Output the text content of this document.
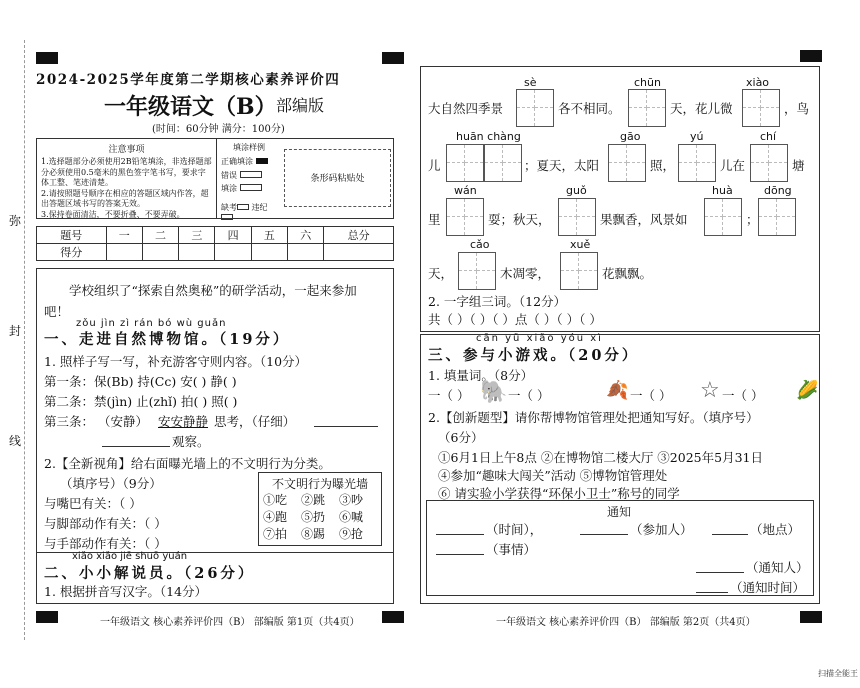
弥
封
线
2024-2025学年度第二学期核心素养评价四
一年级语文（B） 部编版
(时间：60分钟 满分：100分)
注意事项
1.选择题部分必须使用2B铅笔填涂，非选择题部分必须使用0.5毫米的黑色签字笔书写，要求字体工整、笔迹清楚。
2.请按照题号顺序在相应的答题区域内作答，超出答题区域书写的答案无效。
3.保持卷面清洁，不要折叠、不要弄破。
填涂样例
正确填涂
错误
填涂
缺考 违纪
条形码粘贴处
题号	一	二	三	四	五	六	总分
得分							
学校组织了“探索自然奥秘”的研学活动，一起来参加吧！
zǒu jìn zì rán bó wù guǎn
一、走进自然博物馆。（19分）
1. 照样子写一写，补充游客守则内容。（10分）
第一条：保(Bb) 持(Cc) 安( ) 静( )
第二条：禁(jìn) 止(zhǐ) 拍( ) 照( )
第三条： （安静） 安安静静 思考，（仔细）
观察。
2.【全新视角】给右面曝光墙上的不文明行为分类。
（填序号）（9分）
与嘴巴有关：（ ）
与脚部动作有关：（ ）
与手部动作有关：（ ）
不文明行为曝光墙
①吃	②跳	③吵
④跑	⑤扔	⑥喊
⑦拍	⑧踢	⑨抢
xiǎo xiǎo jiě shuō yuán
二、小小解说员。（26分）
1. 根据拼音写汉字。（14分）
一年级语文 核心素养评价四（B） 部编版 第1页（共4页）
sè	chūn	xiào
大自然四季景	各不相同。	天，花儿微	，鸟
huān chàng	gāo	yú	chí
儿	；夏天，太阳	照，	儿在	塘
wán	guǒ	huà	dōng
里	耍；秋天，	果飘香，风景如	；
cǎo	xuě
天，	木凋零，	花飘飘。
2. 一字组三词。（12分）
共（ ）（ ）（ ）点（ ）（ ）（ ）
cān yǔ xiǎo yóu xì
三、参与小游戏。（20分）
1. 填量词。（8分）
一（ ） 🐘 一（ ）	🍂 一（ ） ☆ 一（ ） 🌽
2.【创新题型】请你帮博物馆管理处把通知写好。（填序号）
（6分）
①6月1日上午8点 ②在博物馆二楼大厅 ③2025年5月31日
④参加“趣味大闯关”活动 ⑤博物馆管理处
⑥ 请实验小学获得“环保小卫士”称号的同学
通知
（时间），	（参加人）	（地点）
（事情）
（通知人）
（通知时间）
一年级语文 核心素养评价四（B） 部编版 第2页（共4页）
扫描全能王
